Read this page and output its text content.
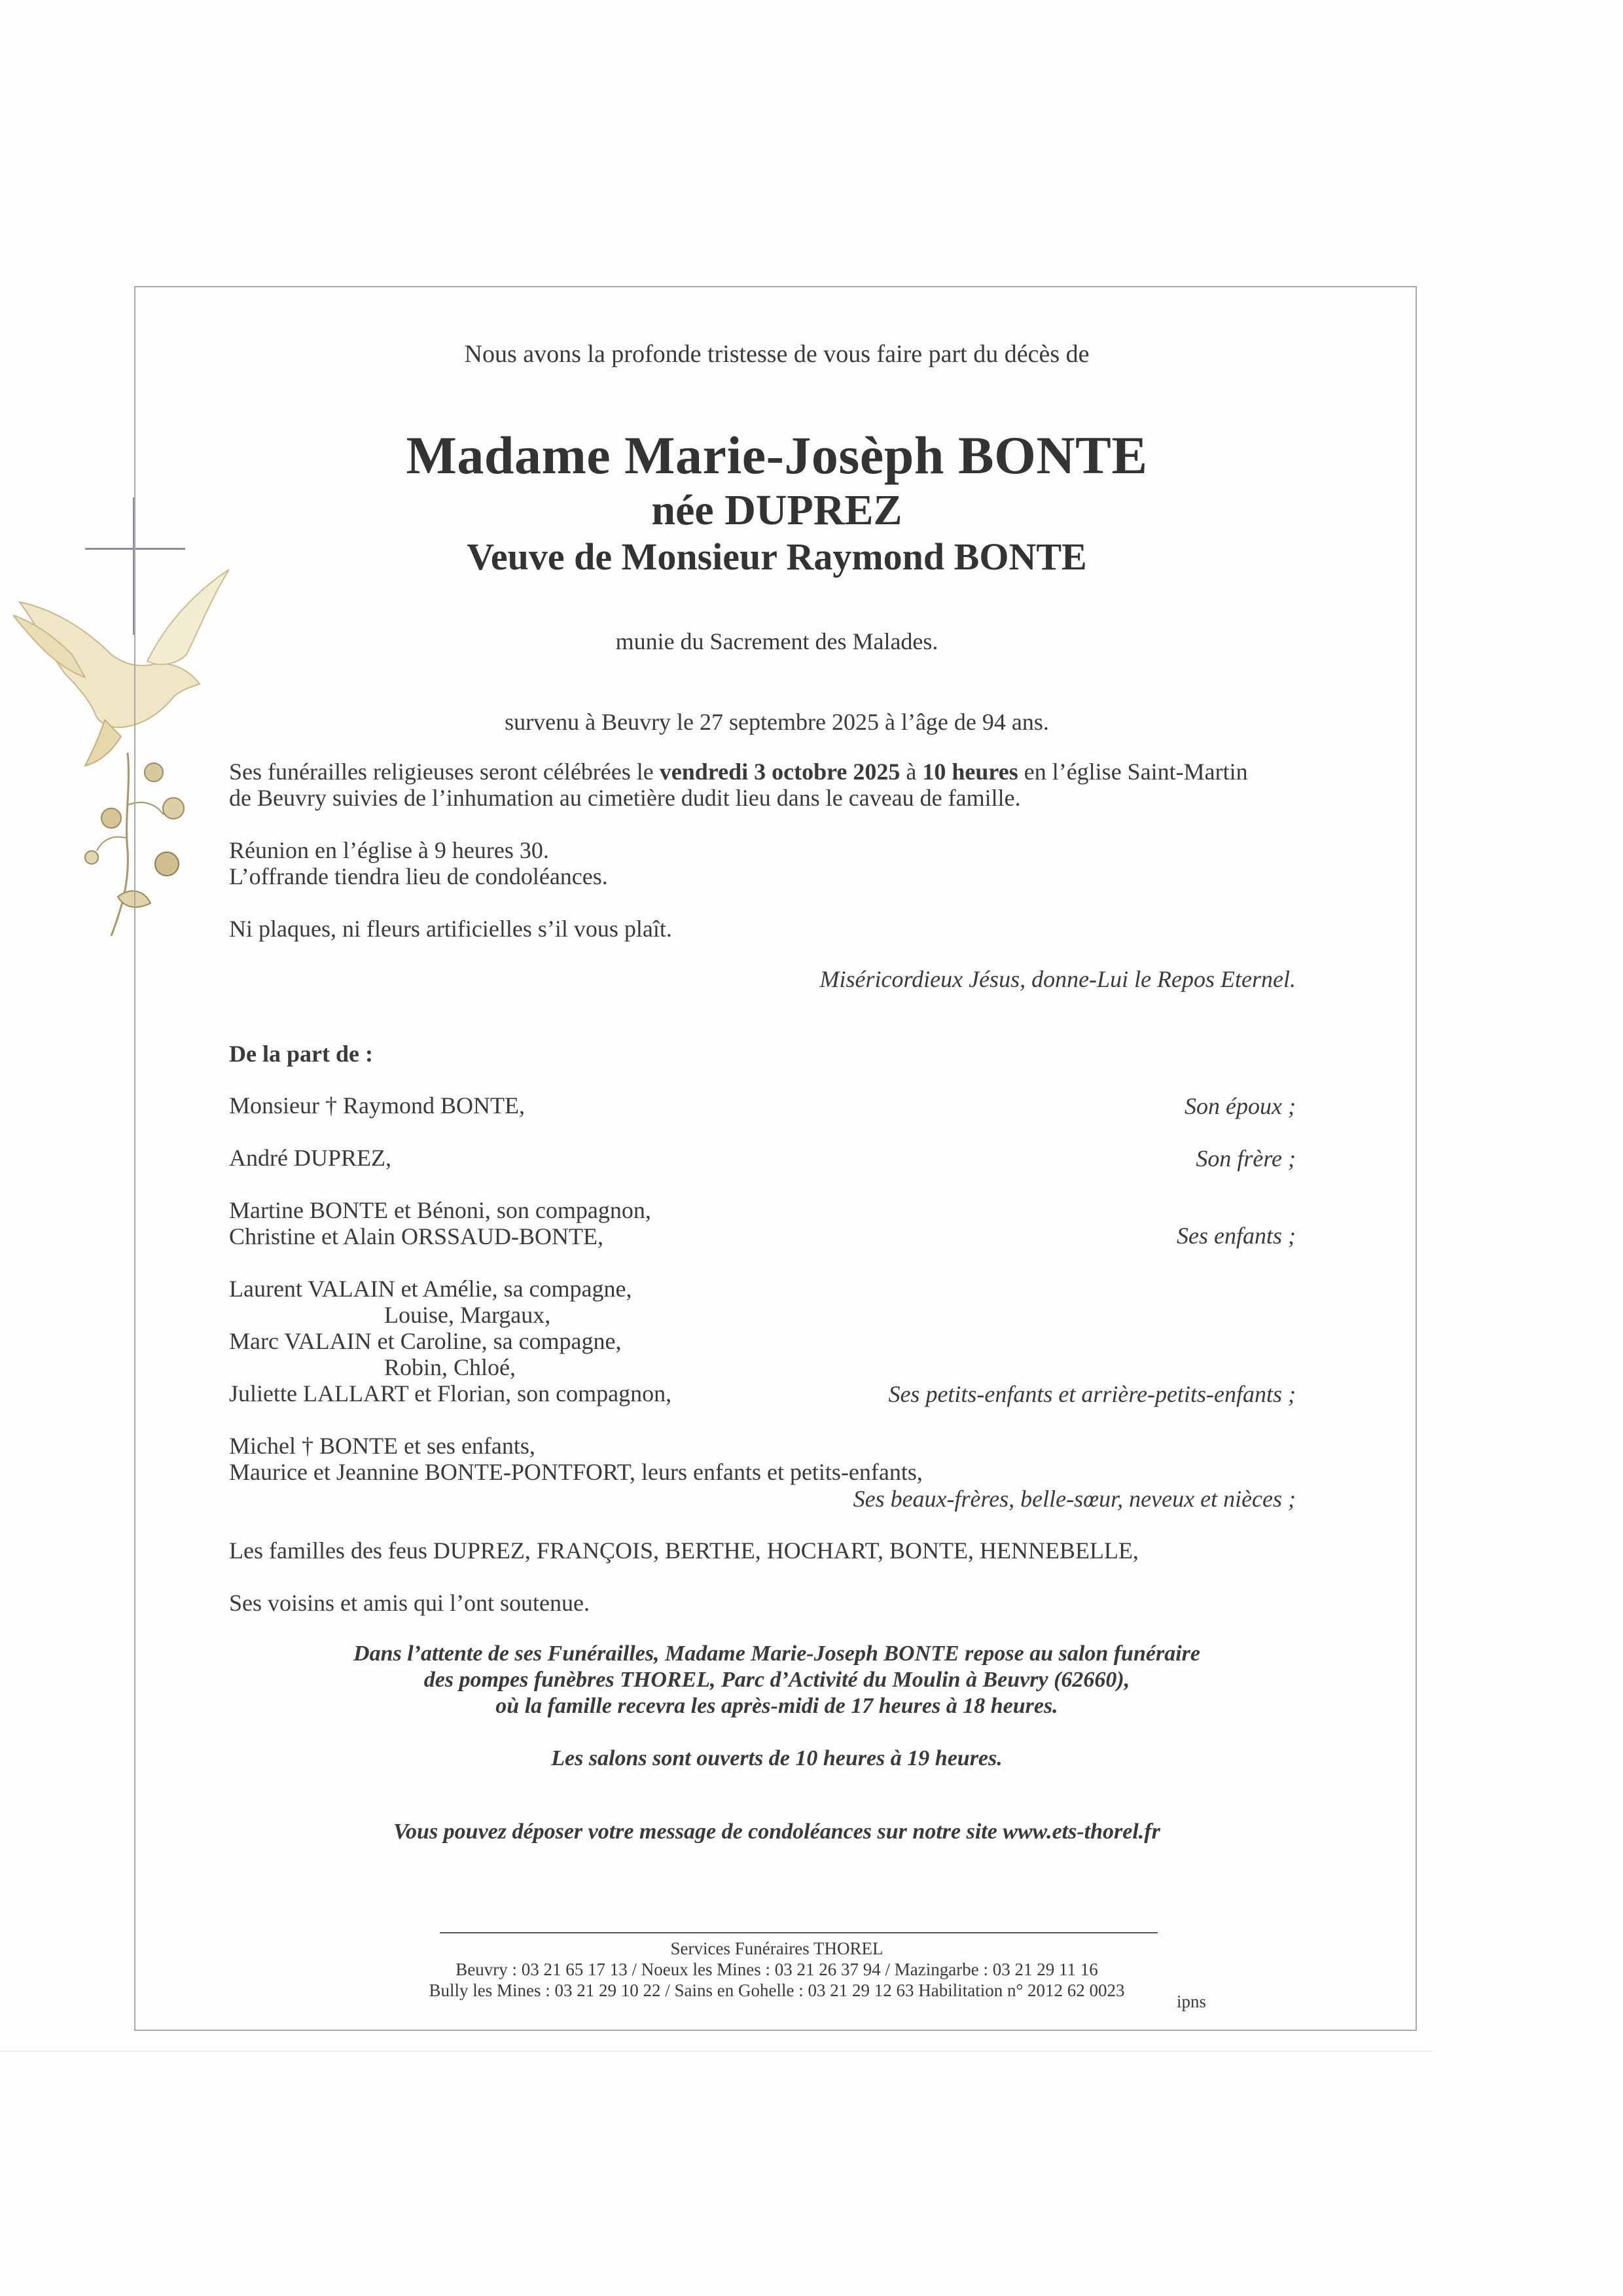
Nous avons la profonde tristesse de vous faire part du décès de
Madame Marie-Josèph BONTE
née DUPREZ
Veuve de Monsieur Raymond BONTE
munie du Sacrement des Malades.
survenu à Beuvry le 27 septembre 2025 à l’âge de 94 ans.
Ses funérailles religieuses seront célébrées le vendredi 3 octobre 2025 à 10 heures en l’église Saint-Martin
de Beuvry suivies de l’inhumation au cimetière dudit lieu dans le caveau de famille.
Réunion en l’église à 9 heures 30.
L’offrande tiendra lieu de condoléances.
Ni plaques, ni fleurs artificielles s’il vous plaît.
Miséricordieux Jésus, donne-Lui le Repos Eternel.
De la part de :
Monsieur † Raymond BONTE,	Son époux ;
André DUPREZ,	Son frère ;
Martine BONTE et Bénoni, son compagnon,
Christine et Alain ORSSAUD-BONTE,	Ses enfants ;
Laurent VALAIN et Amélie, sa compagne,
Louise, Margaux,
Marc VALAIN et Caroline, sa compagne,
Robin, Chloé,
Juliette LALLART et Florian, son compagnon,	Ses petits-enfants et arrière-petits-enfants ;
Michel † BONTE et ses enfants,
Maurice et Jeannine BONTE-PONTFORT, leurs enfants et petits-enfants,
Ses beaux-frères, belle-sœur, neveux et nièces ;
Les familles des feus DUPREZ, FRANÇOIS, BERTHE, HOCHART, BONTE, HENNEBELLE,
Ses voisins et amis qui l’ont soutenue.
Dans l’attente de ses Funérailles, Madame Marie-Joseph BONTE repose au salon funéraire
des pompes funèbres THOREL, Parc d’Activité du Moulin à Beuvry (62660),
où la famille recevra les après-midi de 17 heures à 18 heures.
Les salons sont ouverts de 10 heures à 19 heures.
Vous pouvez déposer votre message de condoléances sur notre site www.ets-thorel.fr
Services Funéraires THOREL
Beuvry : 03 21 65 17 13 / Noeux les Mines : 03 21 26 37 94 / Mazingarbe : 03 21 29 11 16
Bully les Mines : 03 21 29 10 22 / Sains en Gohelle : 03 21 29 12 63 Habilitation n° 2012 62 0023
ipns
